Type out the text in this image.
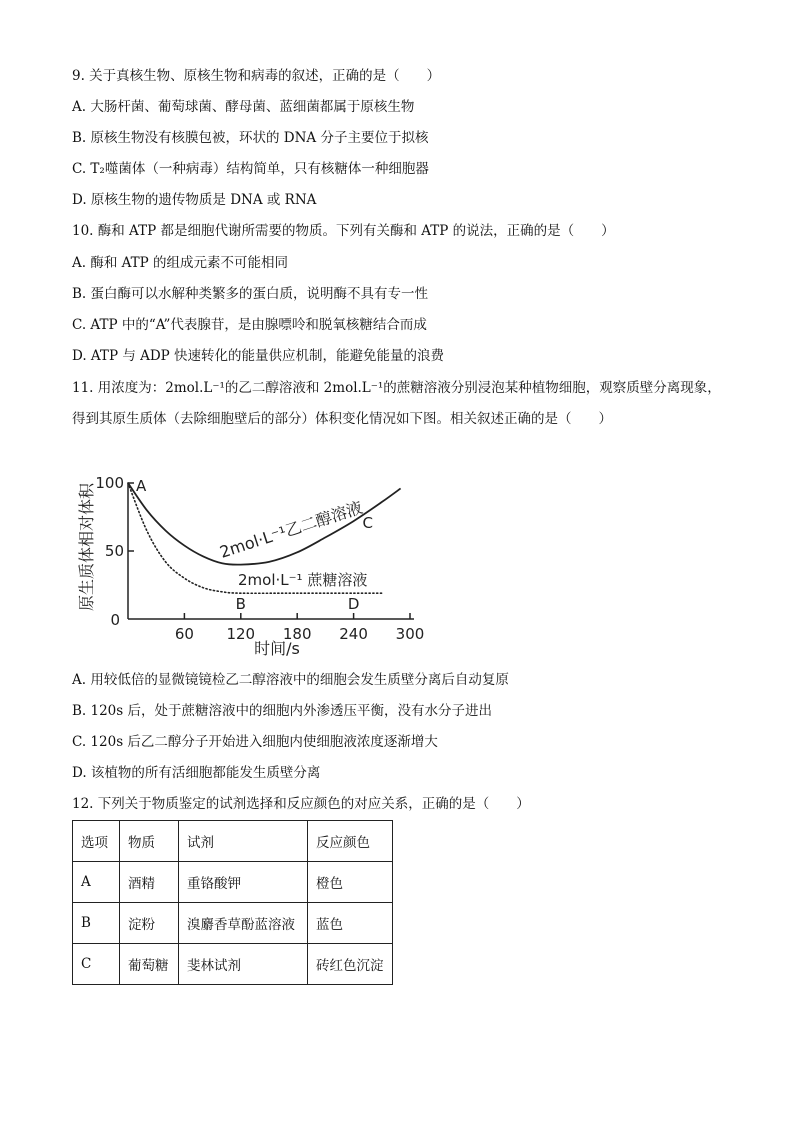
9. 关于真核生物、原核生物和病毒的叙述，正确的是（　　）
A. 大肠杆菌、葡萄球菌、酵母菌、蓝细菌都属于原核生物
B. 原核生物没有核膜包被，环状的 DNA 分子主要位于拟核
C. T₂噬菌体（一种病毒）结构简单，只有核糖体一种细胞器
D. 原核生物的遗传物质是 DNA 或 RNA
10. 酶和 ATP 都是细胞代谢所需要的物质。下列有关酶和 ATP 的说法，正确的是（　　）
A. 酶和 ATP 的组成元素不可能相同
B. 蛋白酶可以水解种类繁多的蛋白质，说明酶不具有专一性
C. ATP 中的“A”代表腺苷，是由腺嘌呤和脱氧核糖结合而成
D. ATP 与 ADP 快速转化的能量供应机制，能避免能量的浪费
11. 用浓度为：2mol.L⁻¹的乙二醇溶液和 2mol.L⁻¹的蔗糖溶液分别浸泡某种植物细胞，观察质壁分离现象，
得到其原生质体（去除细胞壁后的部分）体积变化情况如下图。相关叙述正确的是（　　）
0
60 120 180 240 300
50
100 A
B
C
D
原生质体相对体积
时间/s
2mol·L⁻¹乙二醇溶液
2mol·L⁻¹ 蔗糖溶液
A. 用较低倍的显微镜镜检乙二醇溶液中的细胞会发生质壁分离后自动复原
B. 120s 后，处于蔗糖溶液中的细胞内外渗透压平衡，没有水分子进出
C. 120s 后乙二醇分子开始进入细胞内使细胞液浓度逐渐增大
D. 该植物的所有活细胞都能发生质壁分离
12. 下列关于物质鉴定的试剂选择和反应颜色的对应关系，正确的是（　　）
选项	物质	试剂	反应颜色
A	酒精	重铬酸钾	橙色
B	淀粉	溴麝香草酚蓝溶液	蓝色
C	葡萄糖	斐林试剂	砖红色沉淀
